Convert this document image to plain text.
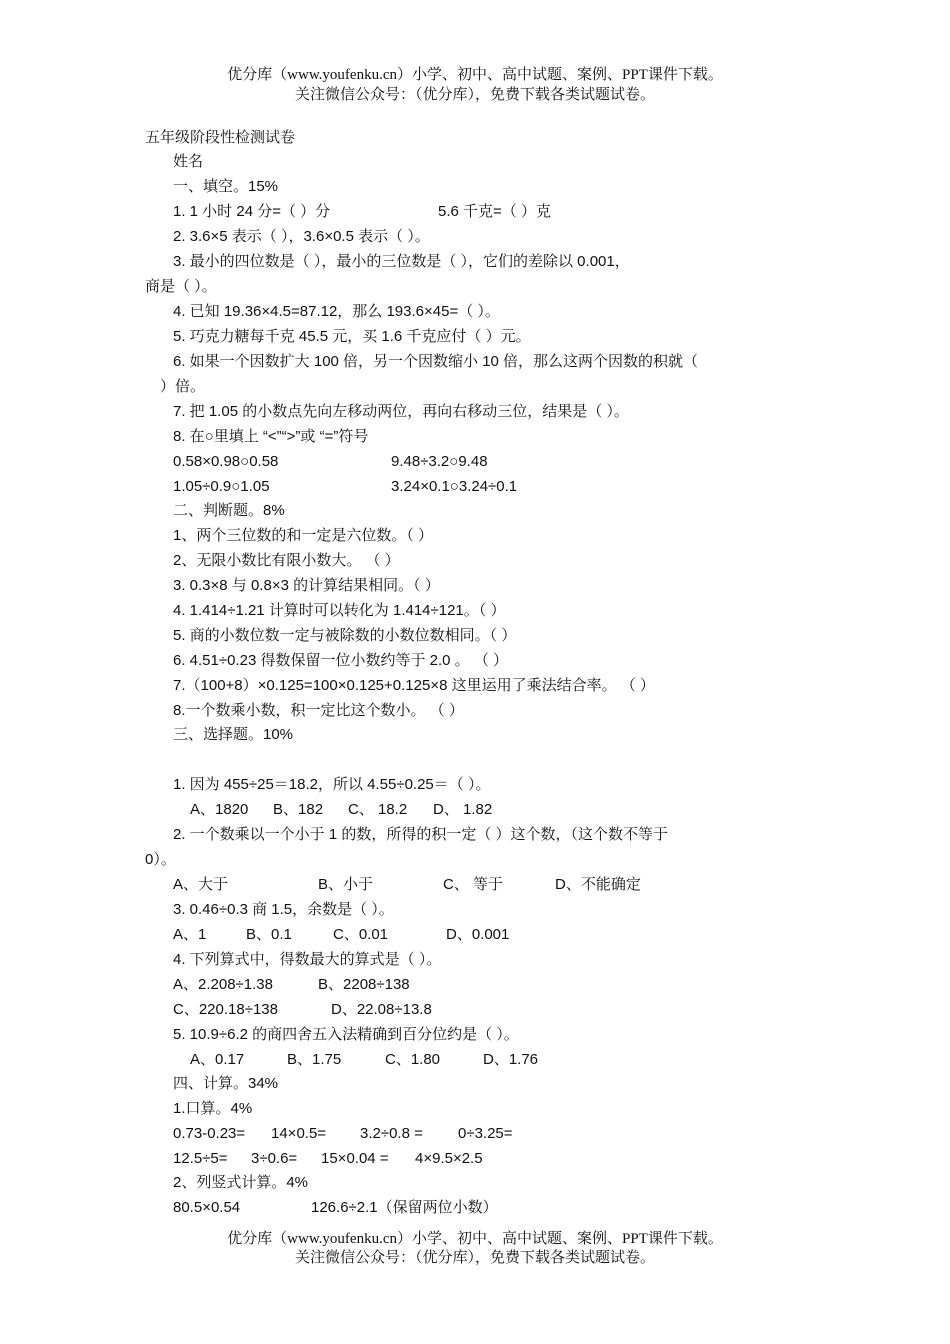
优分库（www.youfenku.cn）小学、初中、高中试题、案例、PPT课件下载。
关注微信公众号：（优分库），免费下载各类试题试卷。
五年级阶段性检测试卷
姓名
一、填空。15%
1. 1 小时 24 分=（ ）分	5.6 千克=（ ）克
2. 3.6×5 表示（ ），3.6×0.5 表示（ ）。
3. 最小的四位数是（ ），最小的三位数是（ ），它们的差除以 0.001，
商是（ ）。
4. 已知 19.36×4.5=87.12，那么 193.6×45=（ ）。
5. 巧克力糖每千克 45.5 元，买 1.6 千克应付（ ）元。
6. 如果一个因数扩大 100 倍，另一个因数缩小 10 倍，那么这两个因数的积就（
）倍。
7. 把 1.05 的小数点先向左移动两位，再向右移动三位，结果是（ ）。
8. 在○里填上 “<”“>”或 “=”符号
0.58×0.98○0.58	9.48÷3.2○9.48
1.05÷0.9○1.05	3.24×0.1○3.24÷0.1
二、判断题。8%
1、两个三位数的和一定是六位数。（ ）
2、无限小数比有限小数大。 （ ）
3. 0.3×8 与 0.8×3 的计算结果相同。（ ）
4. 1.414÷1.21 计算时可以转化为 1.414÷121。（ ）
5. 商的小数位数一定与被除数的小数位数相同。（ ）
6. 4.51÷0.23 得数保留一位小数约等于 2.0 。 （ ）
7.（100+8）×0.125=100×0.125+0.125×8 这里运用了乘法结合率。 （ ）
8.一个数乘小数，积一定比这个数小。 （ ）
三、选择题。10%
1. 因为 455÷25＝18.2，所以 4.55÷0.25＝（ ）。
A、1820 B、182 C、 18.2 D、 1.82
2. 一个数乘以一个小于 1 的数，所得的积一定（ ）这个数，（这个数不等于
0）。
A、大于	B、小于	C、 等于	D、不能确定
3. 0.46÷0.3 商 1.5，余数是（ ）。
A、1	B、0.1	C、0.01	D、0.001
4. 下列算式中，得数最大的算式是（ ）。
A、2.208÷1.38	B、2208÷138
C、220.18÷138	D、22.08÷13.8
5. 10.9÷6.2 的商四舍五入法精确到百分位约是（ ）。
A、0.17	B、1.75	C、1.80	D、1.76
四、计算。34%
1.口算。4%
0.73-0.23= 14×0.5= 3.2÷0.8 = 0÷3.25=
12.5÷5= 3÷0.6= 15×0.04 = 4×9.5×2.5
2、列竖式计算。4%
80.5×0.54	126.6÷2.1（保留两位小数）
优分库（www.youfenku.cn）小学、初中、高中试题、案例、PPT课件下载。
关注微信公众号：（优分库），免费下载各类试题试卷。
